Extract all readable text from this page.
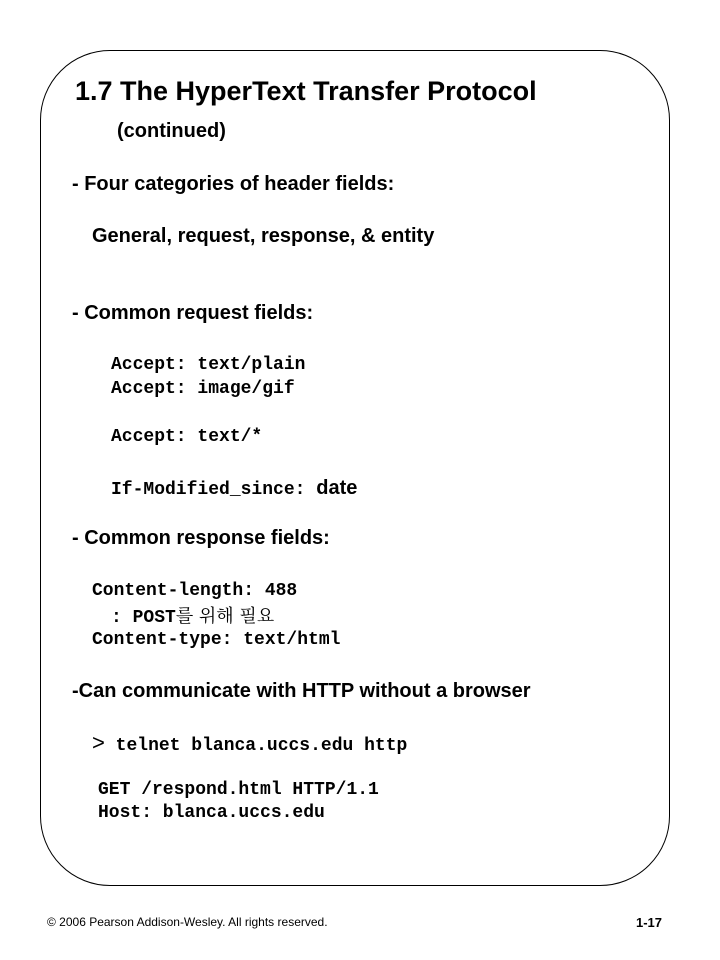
1.7 The HyperText Transfer Protocol
(continued)
- Four categories of header fields:
General, request, response, & entity
- Common request fields:
Accept: text/plain
Accept: image/gif
Accept: text/*
If-Modified_since: date
- Common response fields:
Content-length: 488
: POST를 위해 필요
Content-type: text/html
-Can communicate with HTTP without a browser
> telnet blanca.uccs.edu http
GET /respond.html HTTP/1.1
Host: blanca.uccs.edu
© 2006 Pearson Addison-Wesley. All rights reserved.	1-17
